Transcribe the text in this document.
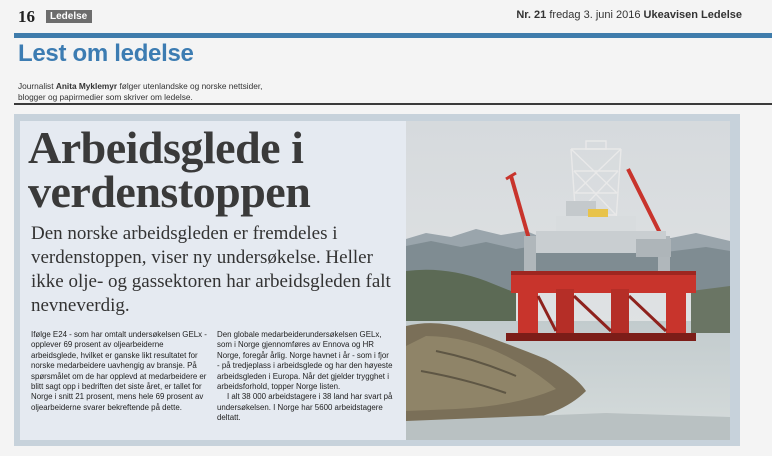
16	Ledelse	Nr. 21 fredag 3. juni 2016 Ukeavisen Ledelse
Lest om ledelse
Journalist Anita Myklemyr følger utenlandske og norske nettsider, blogger og papirmedier som skriver om ledelse.
Arbeidsglede i verdenstoppen

Den norske arbeidsgleden er fremdeles i verdenstoppen, viser ny undersøkelse. Heller ikke olje- og gassektoren har arbeidsgleden falt nevneverdig.

Ifølge E24 - som har omtalt undersøkelsen GELx - opplever 69 prosent av oljearbeiderne arbeidsglede, hvilket er ganske likt resultatet for norske medarbeidere uavhengig av bransje. På spørsmålet om de har opplevd at medarbeidere er blitt sagt opp i bedriften det siste året, er tallet for Norge i snitt 21 prosent, mens hele 69 prosent av oljearbeiderne svarer bekreftende på dette.

Den globale medarbeiderundersøkelsen GELx, som i Norge gjennomføres av Ennova og HR Norge, foregår årlig. Norge havnet i år - som i fjor - på tredjeplass i arbeidsglede og har den høyeste arbeidsgleden i Europa. Når det gjelder trygghet i arbeidsforhold, topper Norge listen.

I alt 38 000 arbeidstagere i 38 land har svart på undersøkelsen. I Norge har 5600 arbeidstagere deltatt.
